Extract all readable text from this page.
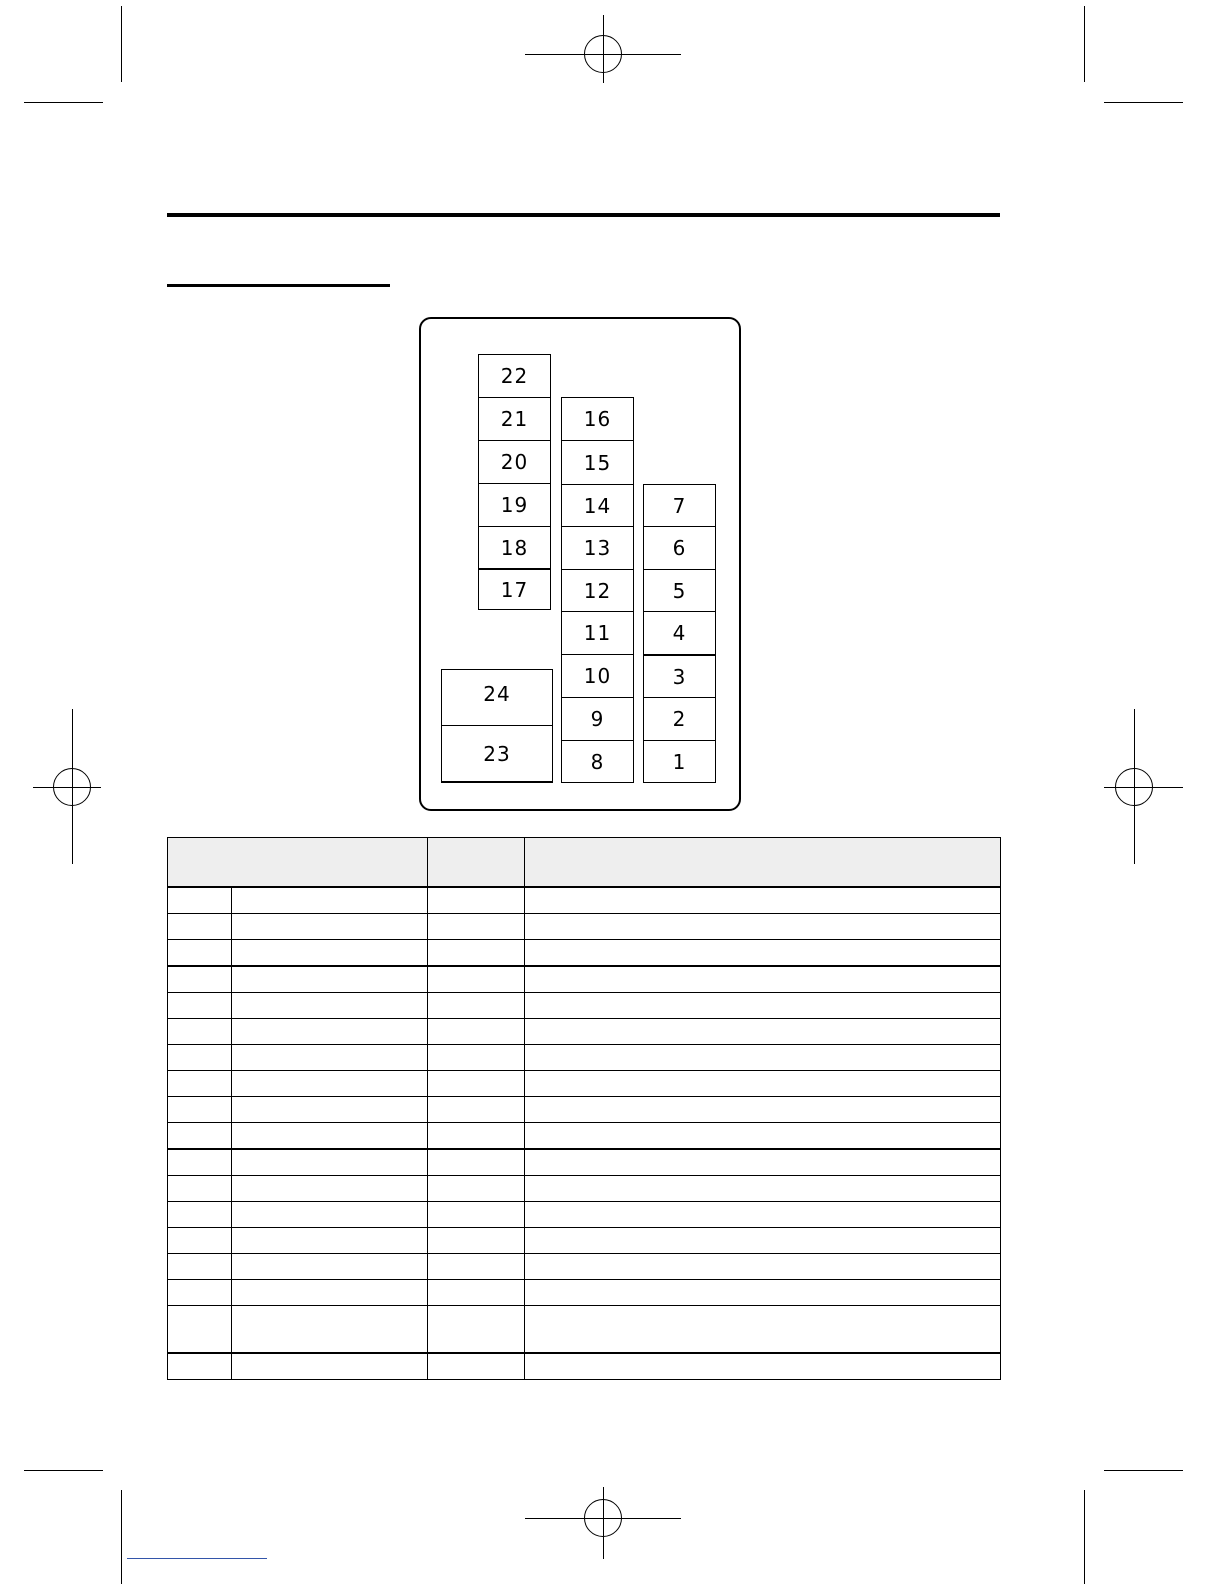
22
21
20
19
18
17
16
15
14
13
12
11
10
9
8
7
6
5
4
3
2
1
24
23
